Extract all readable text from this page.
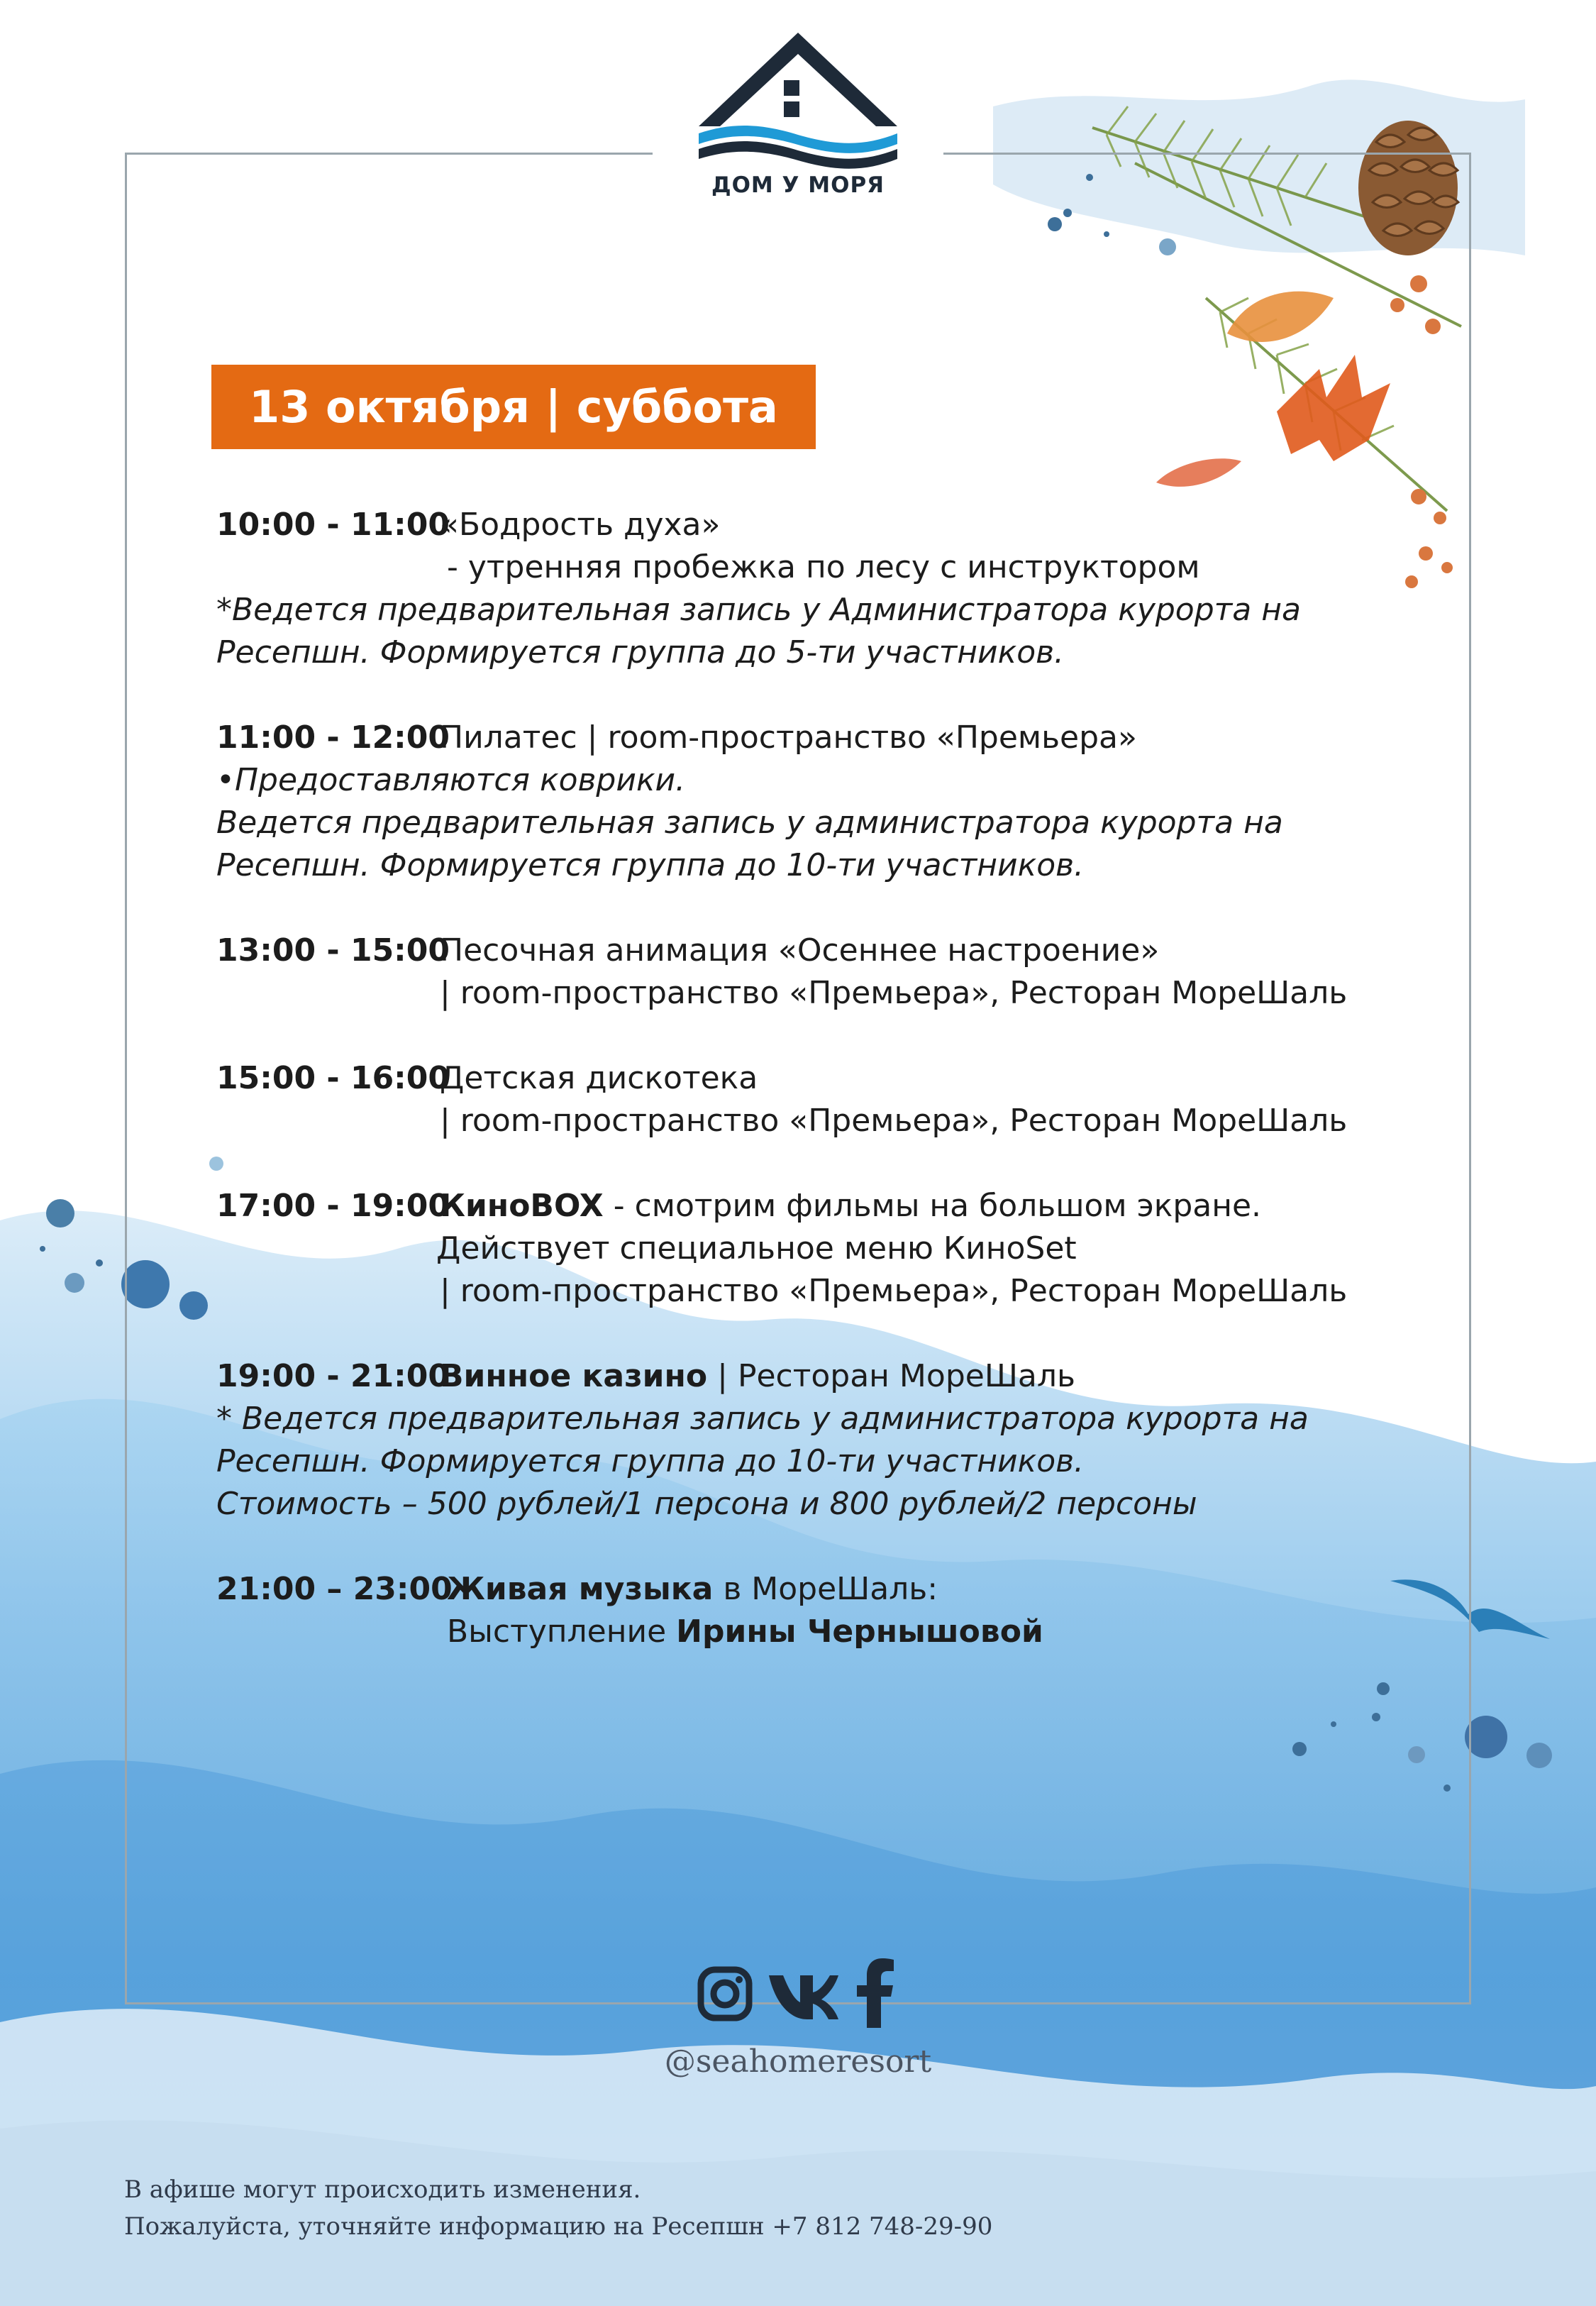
ДОМ У МОРЯ
13 октября | суббота
10:00 - 11:00«Бодрость духа»
- утренняя пробежка по лесу с инструктором
*Ведется предварительная запись у Администратора курорта на
Ресепшн. Формируется группа до 5-ти участников.
11:00 - 12:00Пилатес | room-пространство «Премьера»
•Предоставляются коврики.
Ведется предварительная запись у администратора курорта на
Ресепшн. Формируется группа до 10-ти участников.
13:00 - 15:00Песочная анимация «Осеннее настроение»
| room-пространство «Премьера», Ресторан МореШаль
15:00 - 16:00Детская дискотека
| room-пространство «Премьера», Ресторан МореШаль
17:00 - 19:00КиноBOX - смотрим фильмы на большом экране.
Действует специальное меню КиноSet
| room-пространство «Премьера», Ресторан МореШаль
19:00 - 21:00Винное казино | Ресторан МореШаль
* Ведется предварительная запись у администратора курорта на
Ресепшн. Формируется группа до 10-ти участников.
Стоимость – 500 рублей/1 персона и 800 рублей/2 персоны
21:00 – 23:00Живая музыка в МореШаль:
Выступление Ирины Чернышовой
@seahomeresort
В афише могут происходить изменения.
Пожалуйста, уточняйте информацию на Ресепшн +7 812 748-29-90
